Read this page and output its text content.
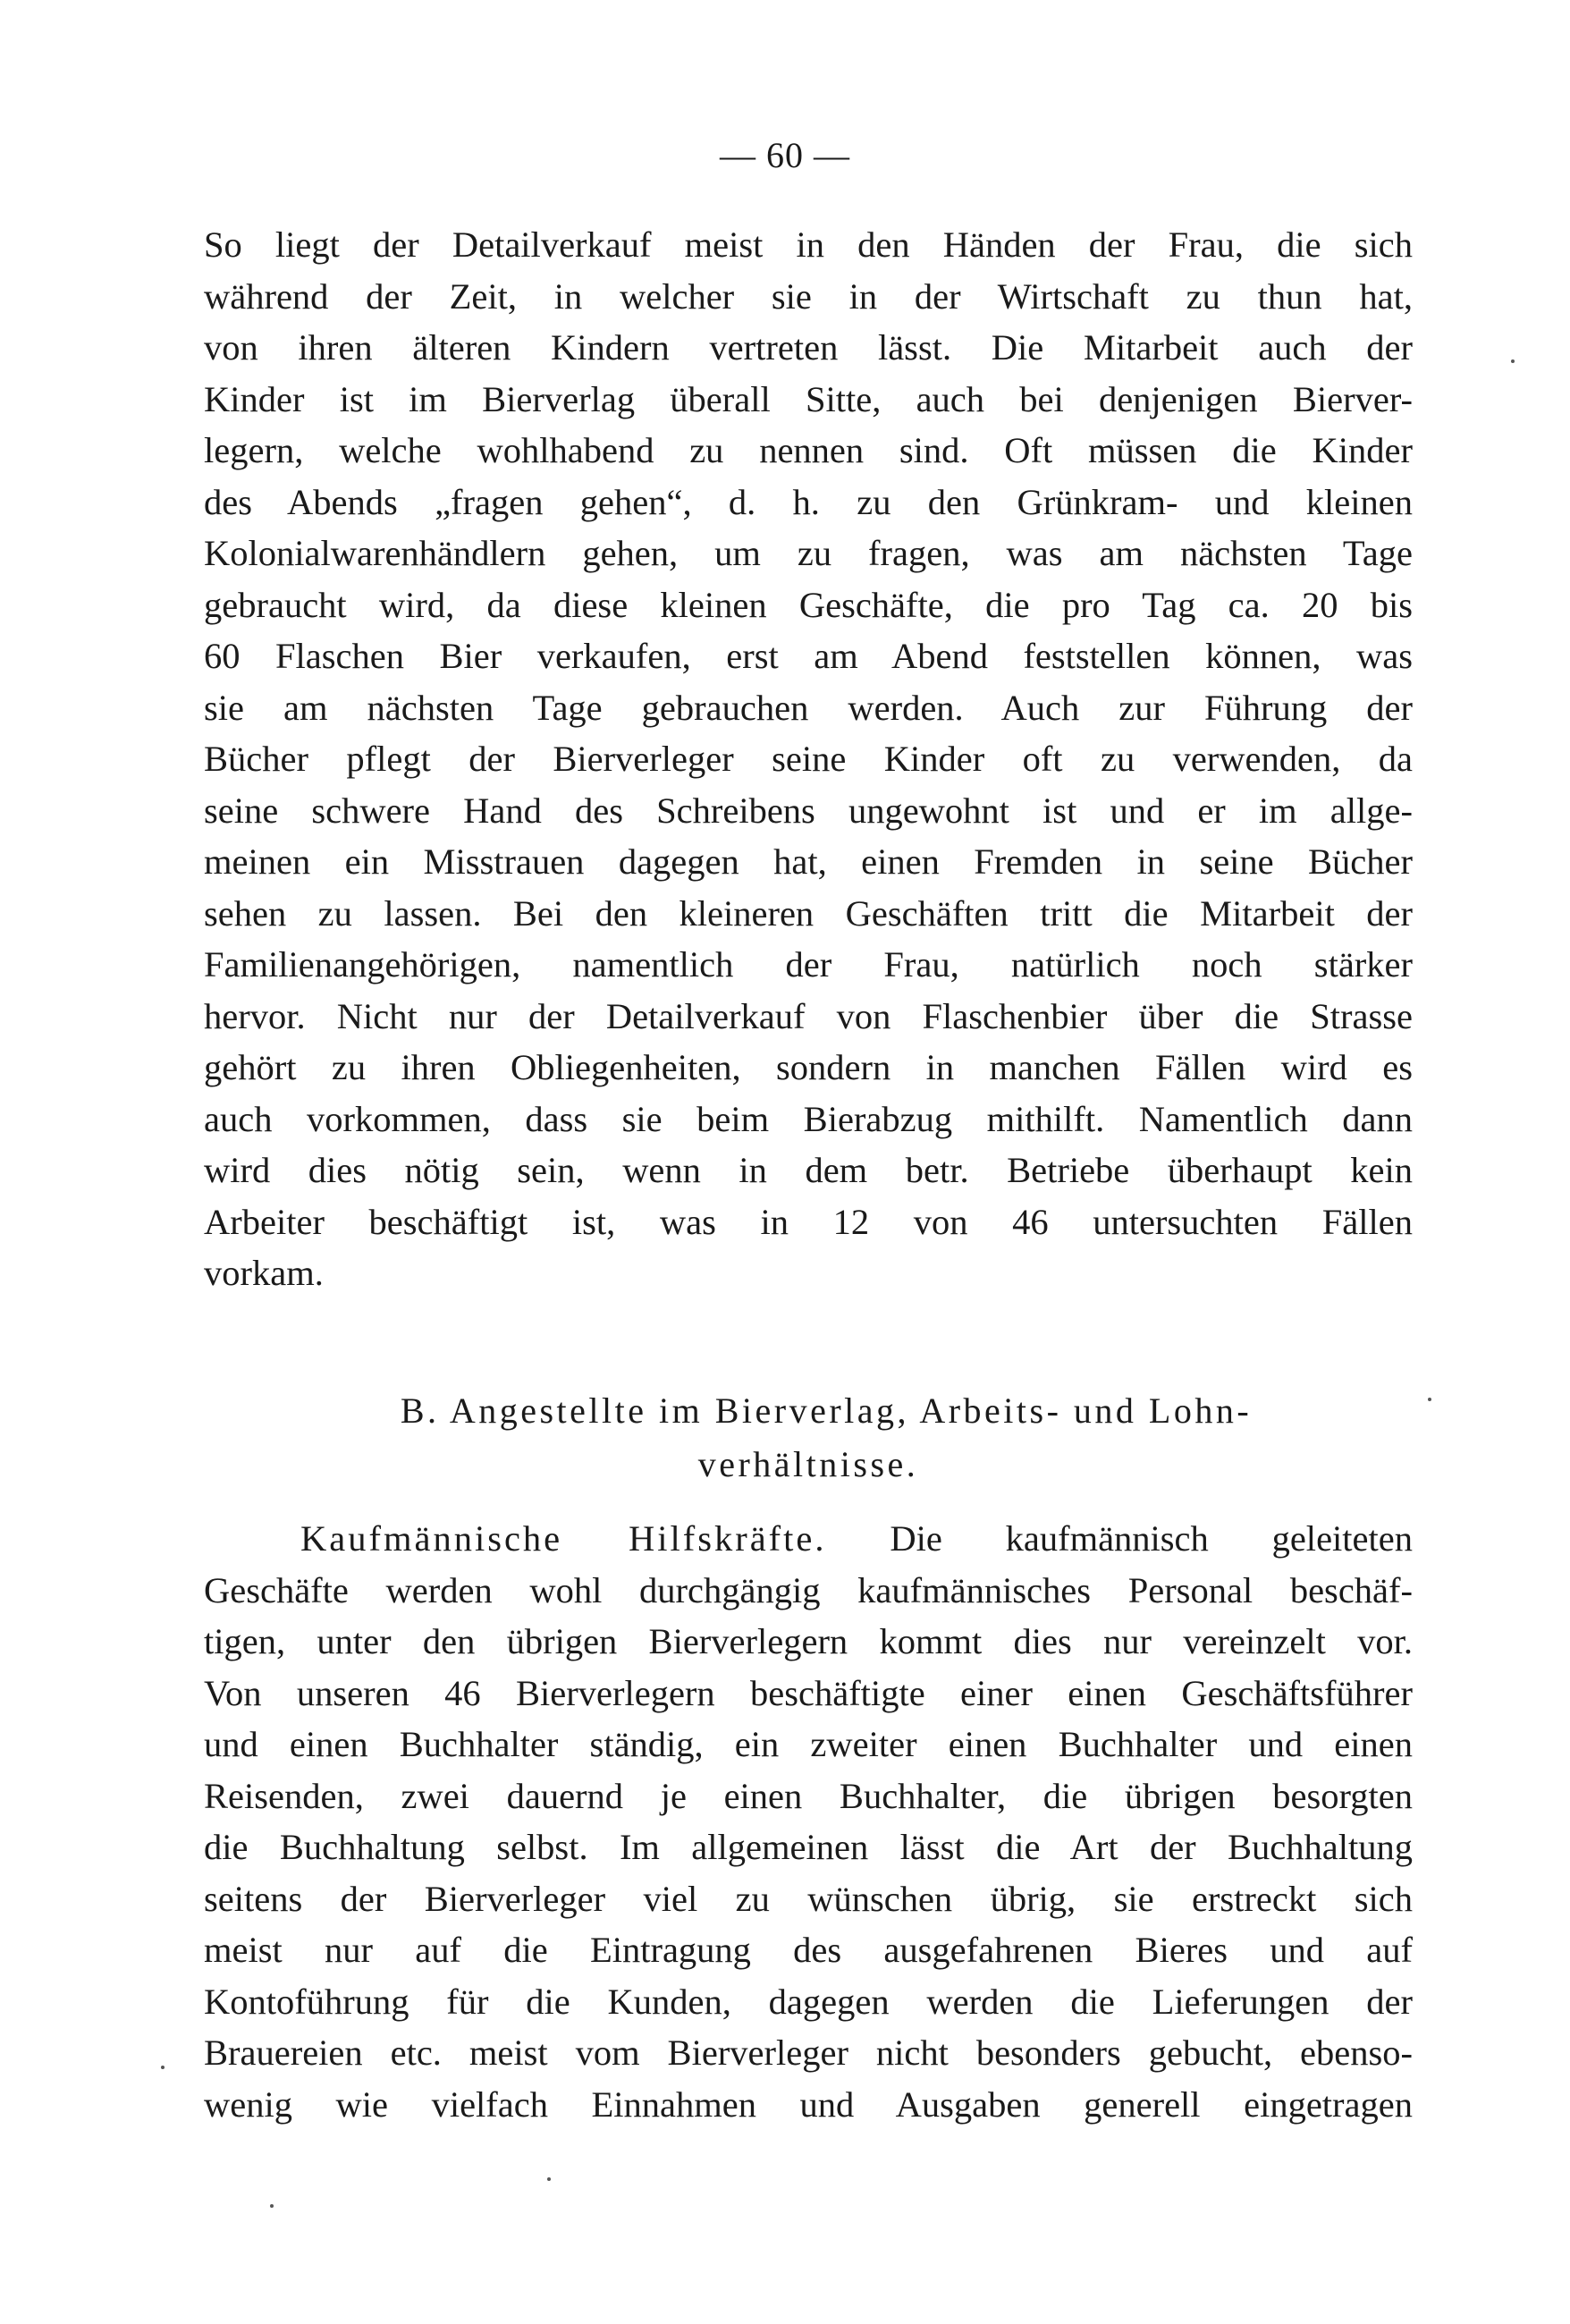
— 60 —
So liegt der Detailverkauf meist in den Händen der Frau, die sich
während der Zeit, in welcher sie in der Wirtschaft zu thun hat,
von ihren älteren Kindern vertreten lässt. Die Mitarbeit auch der
Kinder ist im Bierverlag überall Sitte, auch bei denjenigen Bierver-
legern, welche wohlhabend zu nennen sind. Oft müssen die Kinder
des Abends „fragen gehen“, d. h. zu den Grünkram- und kleinen
Kolonialwarenhändlern gehen, um zu fragen, was am nächsten Tage
gebraucht wird, da diese kleinen Geschäfte, die pro Tag ca. 20 bis
60 Flaschen Bier verkaufen, erst am Abend feststellen können, was
sie am nächsten Tage gebrauchen werden. Auch zur Führung der
Bücher pflegt der Bierverleger seine Kinder oft zu verwenden, da
seine schwere Hand des Schreibens ungewohnt ist und er im allge-
meinen ein Misstrauen dagegen hat, einen Fremden in seine Bücher
sehen zu lassen. Bei den kleineren Geschäften tritt die Mitarbeit der
Familienangehörigen, namentlich der Frau, natürlich noch stärker
hervor. Nicht nur der Detailverkauf von Flaschenbier über die Strasse
gehört zu ihren Obliegenheiten, sondern in manchen Fällen wird es
auch vorkommen, dass sie beim Bierabzug mithilft. Namentlich dann
wird dies nötig sein, wenn in dem betr. Betriebe überhaupt kein
Arbeiter beschäftigt ist, was in 12 von 46 untersuchten Fällen
vorkam.
B. Angestellte im Bierverlag, Arbeits- und Lohn-
verhältnisse.
Kaufmännische Hilfskräfte. Die kaufmännisch geleiteten
Geschäfte werden wohl durchgängig kaufmännisches Personal beschäf-
tigen, unter den übrigen Bierverlegern kommt dies nur vereinzelt vor.
Von unseren 46 Bierverlegern beschäftigte einer einen Geschäftsführer
und einen Buchhalter ständig, ein zweiter einen Buchhalter und einen
Reisenden, zwei dauernd je einen Buchhalter, die übrigen besorgten
die Buchhaltung selbst. Im allgemeinen lässt die Art der Buchhaltung
seitens der Bierverleger viel zu wünschen übrig, sie erstreckt sich
meist nur auf die Eintragung des ausgefahrenen Bieres und auf
Kontoführung für die Kunden, dagegen werden die Lieferungen der
Brauereien etc. meist vom Bierverleger nicht besonders gebucht, ebenso-
wenig wie vielfach Einnahmen und Ausgaben generell eingetragen
